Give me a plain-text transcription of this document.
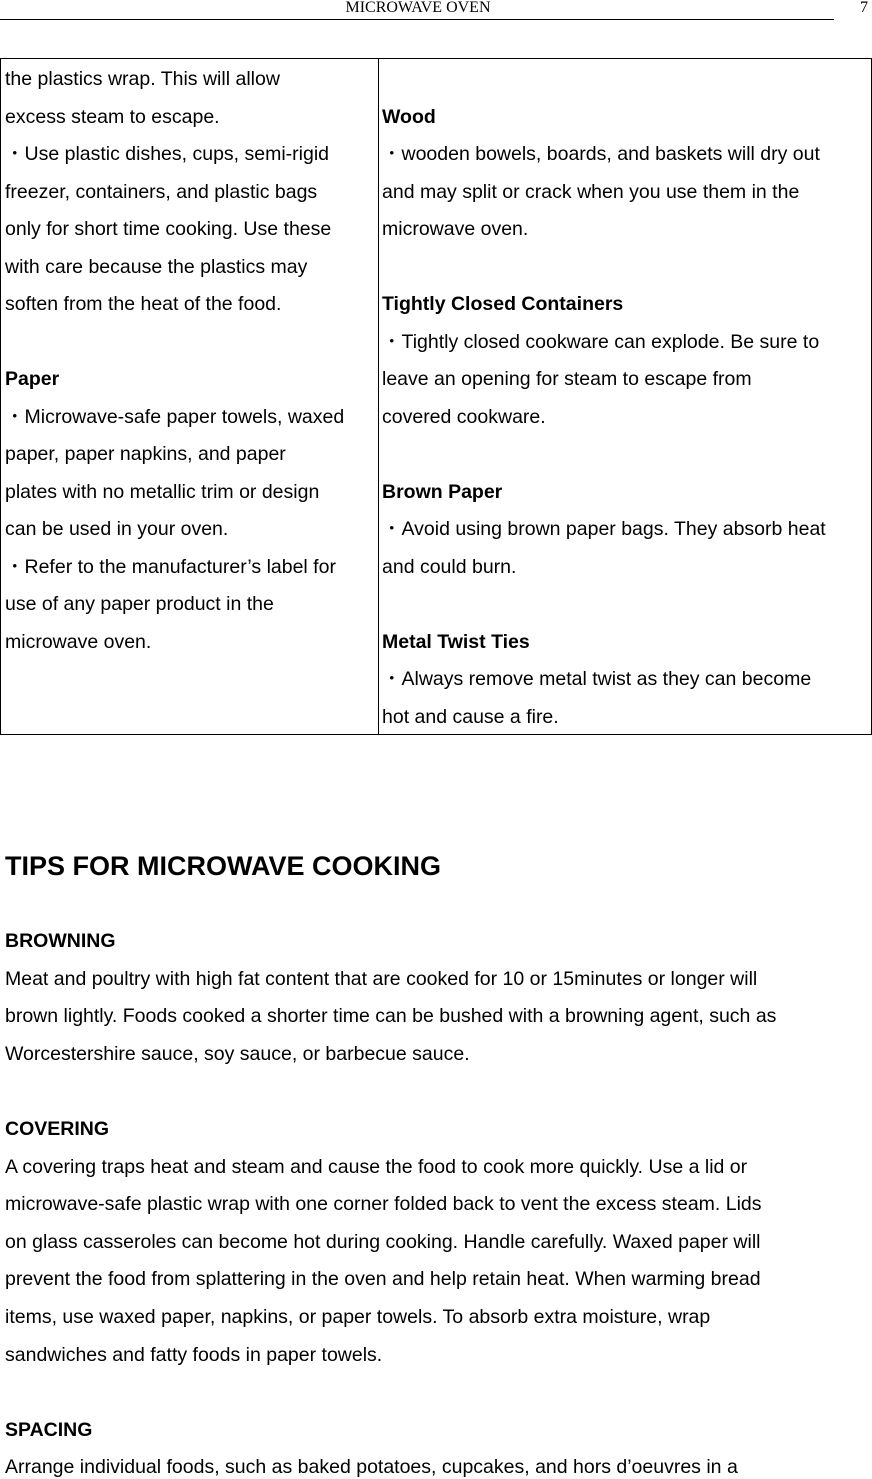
MICROWAVE OVEN	7
the plastics wrap. This will allow
excess steam to escape.
・Use plastic dishes, cups, semi-rigid
freezer, containers, and plastic bags
only for short time cooking. Use these
with care because the plastics may
soften from the heat of the food.
Paper
・Microwave-safe paper towels, waxed
paper, paper napkins, and paper
plates with no metallic trim or design
can be used in your oven.
・Refer to the manufacturer’s label for
use of any paper product in the
microwave oven.
Wood
・wooden bowels, boards, and baskets will dry out
and may split or crack when you use them in the
microwave oven.
Tightly Closed Containers
・Tightly closed cookware can explode. Be sure to
leave an opening for steam to escape from
covered cookware.
Brown Paper
・Avoid using brown paper bags. They absorb heat
and could burn.
Metal Twist Ties
・Always remove metal twist as they can become
hot and cause a fire.
TIPS FOR MICROWAVE COOKING
BROWNING
Meat and poultry with high fat content that are cooked for 10 or 15minutes or longer will
brown lightly. Foods cooked a shorter time can be bushed with a browning agent, such as
Worcestershire sauce, soy sauce, or barbecue sauce.
COVERING
A covering traps heat and steam and cause the food to cook more quickly. Use a lid or
microwave-safe plastic wrap with one corner folded back to vent the excess steam. Lids
on glass casseroles can become hot during cooking. Handle carefully. Waxed paper will
prevent the food from splattering in the oven and help retain heat. When warming bread
items, use waxed paper, napkins, or paper towels. To absorb extra moisture, wrap
sandwiches and fatty foods in paper towels.
SPACING
Arrange individual foods, such as baked potatoes, cupcakes, and hors d’oeuvres in a
